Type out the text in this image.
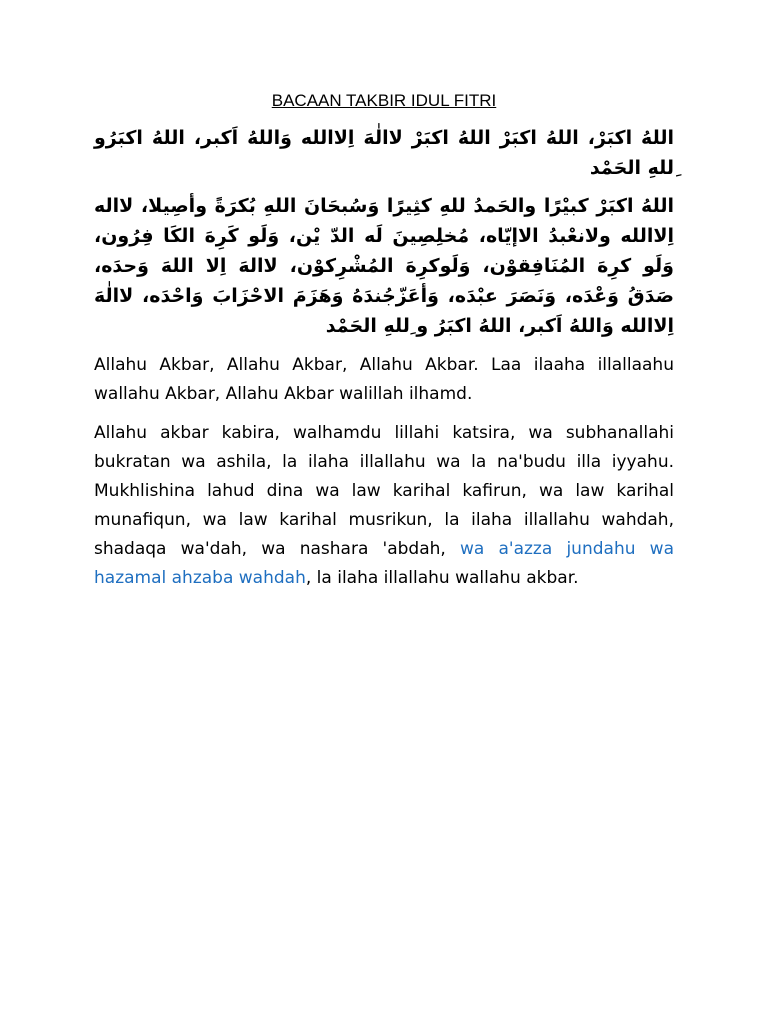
BACAAN TAKBIR IDUL FITRI

اللهُ اكبَرْ، اللهُ اكبَرْ اللهُ اكبَرْ لاالٰهَ اِلاالله وَاللهُ اَكبر، اللهُ اكبَرُو ِللهِ الحَمْد

اللهُ اكبَرْ كبيْرًا والحَمدُ للهِ كثِيرًا وَسُبحَانَ اللهِ بُكرَةً وأصِيلا، لااله اِلاالله ولانعْبدُ الاإيّاه، مُخلِصِينَ لَه الدّ يْن، وَلَو كَرِهَ الكَا فِرُون، وَلَو كرِهَ المُنَافِقوْن، وَلَوكرِهَ المُشْرِكوْن، لاالهَ اِلا اللهَ وَحدَه، صَدَقُ وَعْدَه، وَنَصَرَ عبْدَه، وَأعَزّجُندَهُ وَهَزَمَ الاحْزَابَ وَاحْدَه، لاالٰهَ اِلاالله وَاللهُ اَكبر، اللهُ اكبَرُ و ِللهِ الحَمْد

Allahu Akbar, Allahu Akbar, Allahu Akbar. Laa ilaaha illallaahu wallahu Akbar, Allahu Akbar walillah ilhamd.

Allahu akbar kabira, walhamdu lillahi katsira, wa subhanallahi bukratan wa ashila, la ilaha illallahu wa la na'budu illa iyyahu. Mukhlishina lahud dina wa law karihal kafirun, wa law karihal munafiqun, wa law karihal musrikun, la ilaha illallahu wahdah, shadaqa wa'dah, wa nashara 'abdah, wa a'azza jundahu wa hazamal ahzaba wahdah, la ilaha illallahu wallahu akbar.
